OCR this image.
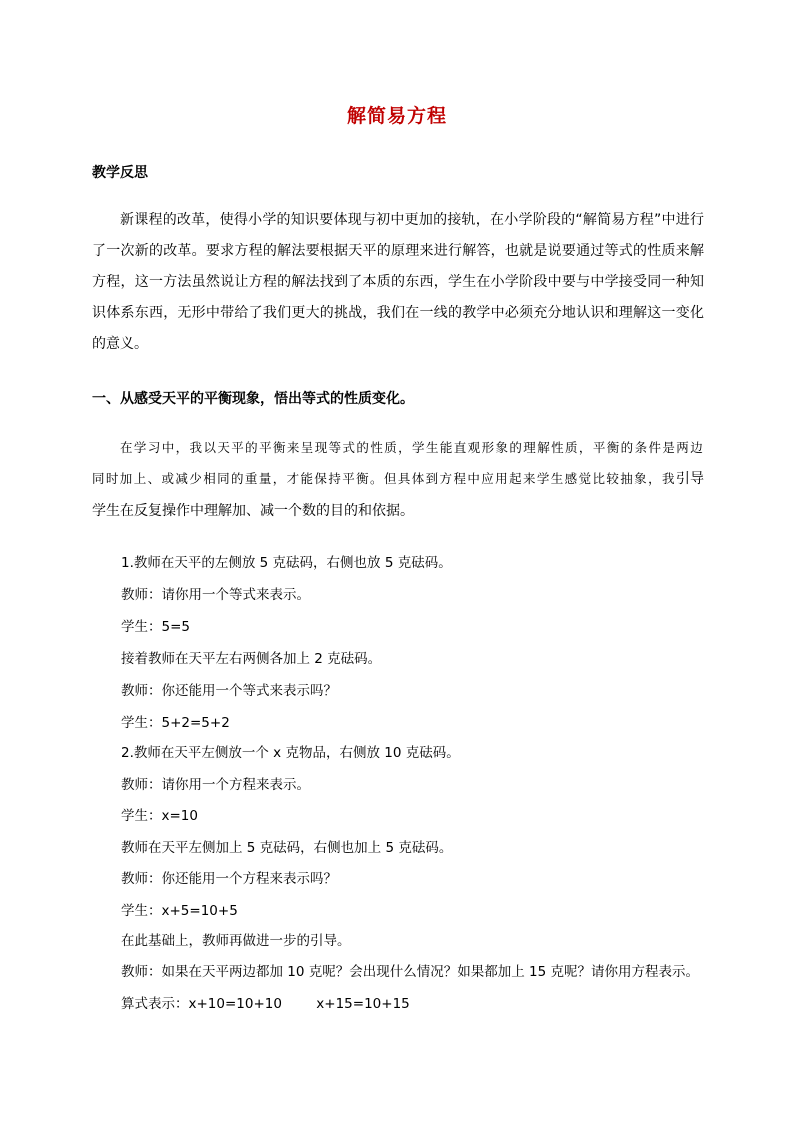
解简易方程
教学反思
新课程的改革，使得小学的知识要体现与初中更加的接轨，在小学阶段的“解简易方程”中进行了一次新的改革。要求方程的解法要根据天平的原理来进行解答，也就是说要通过等式的性质来解方程，这一方法虽然说让方程的解法找到了本质的东西，学生在小学阶段中要与中学接受同一种知识体系东西，无形中带给了我们更大的挑战，我们在一线的教学中必须充分地认识和理解这一变化的意义。
一、从感受天平的平衡现象，悟出等式的性质变化。
在学习中，我以天平的平衡来呈现等式的性质，学生能直观形象的理解性质，平衡的条件是两边同时加上、或减少相同的重量，才能保持平衡。但具体到方程中应用起来学生感觉比较抽象，我引导学生在反复操作中理解加、减一个数的目的和依据。
1.教师在天平的左侧放 5 克砝码，右侧也放 5 克砝码。
教师：请你用一个等式来表示。
学生：5=5
接着教师在天平左右两侧各加上 2 克砝码。
教师：你还能用一个等式来表示吗？
学生：5+2=5+2
2.教师在天平左侧放一个 x 克物品，右侧放 10 克砝码。
教师：请你用一个方程来表示。
学生：x=10
教师在天平左侧加上 5 克砝码，右侧也加上 5 克砝码。
教师：你还能用一个方程来表示吗？
学生：x+5=10+5
在此基础上，教师再做进一步的引导。
教师：如果在天平两边都加 10 克呢？会出现什么情况？如果都加上 15 克呢？请你用方程表示。
算式表示：x+10=10+10        x+15=10+15
